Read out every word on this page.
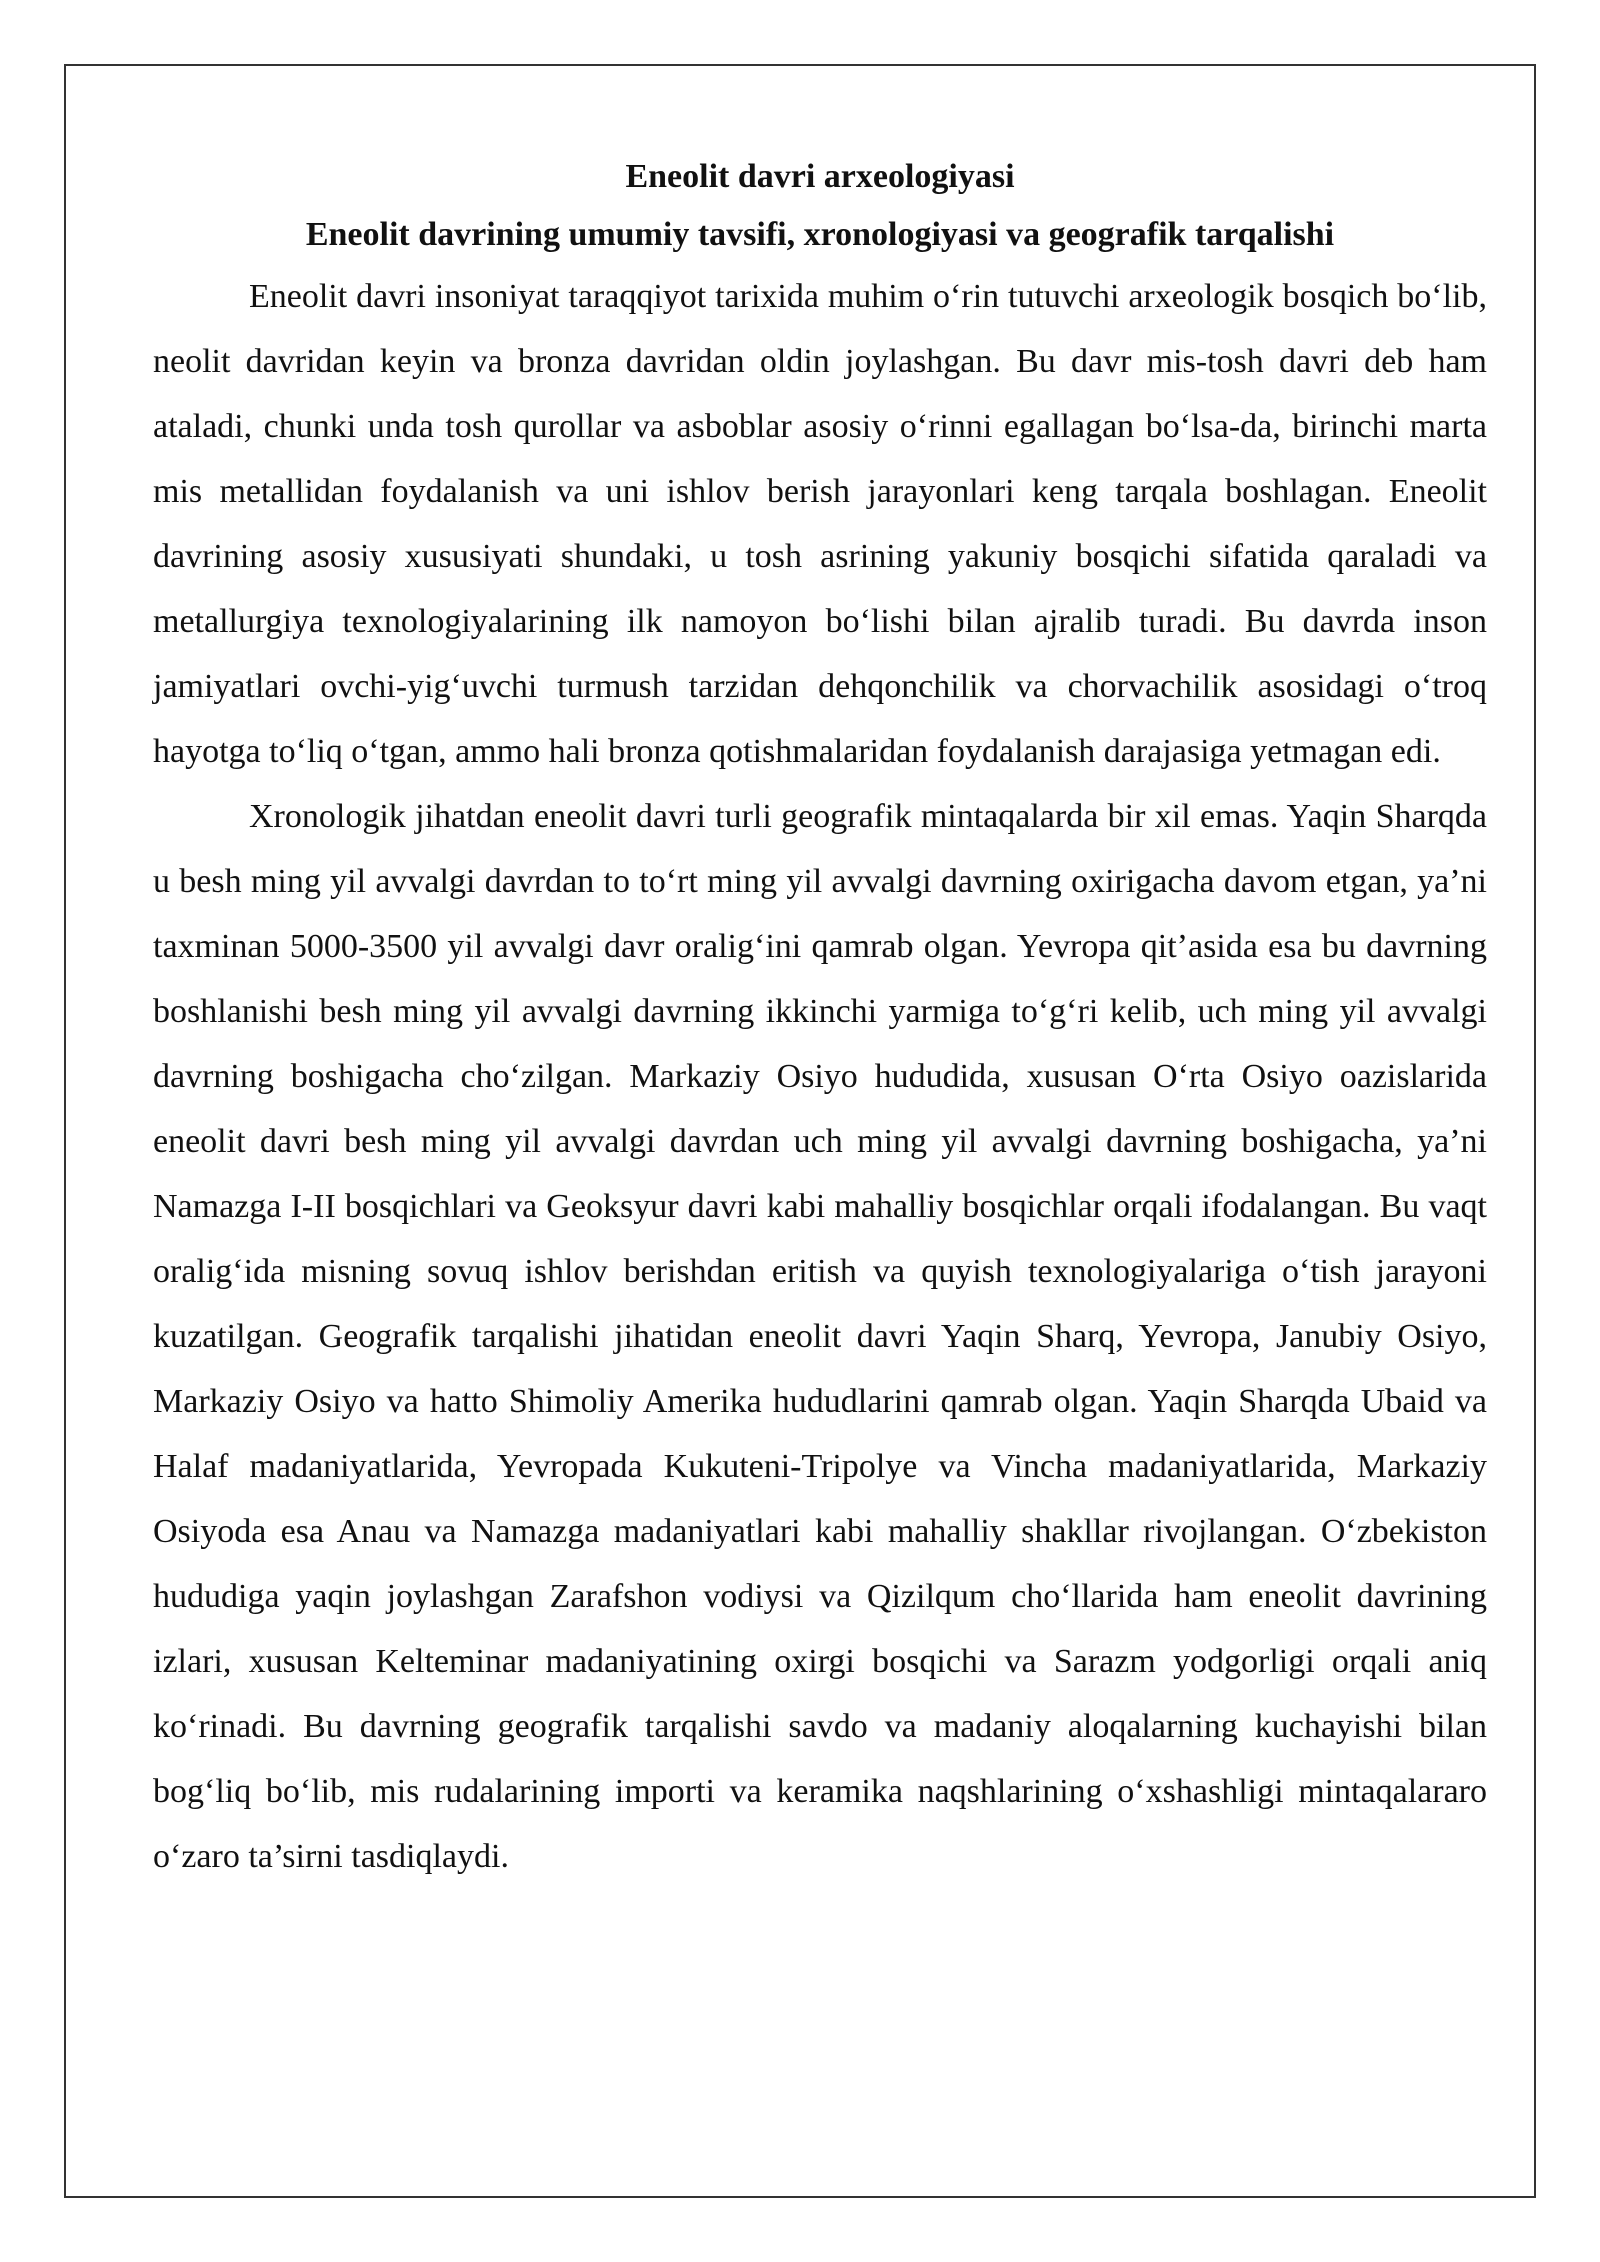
Eneolit davri arxeologiyasi
Eneolit davrining umumiy tavsifi, xronologiyasi va geografik tarqalishi

Eneolit davri insoniyat taraqqiyot tarixida muhim o‘rin tutuvchi arxeologik bosqich bo‘lib, neolit davridan keyin va bronza davridan oldin joylashgan. Bu davr mis-tosh davri deb ham ataladi, chunki unda tosh qurollar va asboblar asosiy o‘rinni egallagan bo‘lsa-da, birinchi marta mis metallidan foydalanish va uni ishlov berish jarayonlari keng tarqala boshlagan. Eneolit davrining asosiy xususiyati shundaki, u tosh asrining yakuniy bosqichi sifatida qaraladi va metallurgiya texnologiyalarining ilk namoyon bo‘lishi bilan ajralib turadi. Bu davrda inson jamiyatlari ovchi-yig‘uvchi turmush tarzidan dehqonchilik va chorvachilik asosidagi o‘troq hayotga to‘liq o‘tgan, ammo hali bronza qotishmalaridan foydalanish darajasiga yetmagan edi.

Xronologik jihatdan eneolit davri turli geografik mintaqalarda bir xil emas. Yaqin Sharqda u besh ming yil avvalgi davrdan to to‘rt ming yil avvalgi davrning oxirigacha davom etgan, ya’ni taxminan 5000-3500 yil avvalgi davr oralig‘ini qamrab olgan. Yevropa qit’asida esa bu davrning boshlanishi besh ming yil avvalgi davrning ikkinchi yarmiga to‘g‘ri kelib, uch ming yil avvalgi davrning boshigacha cho‘zilgan. Markaziy Osiyo hududida, xususan O‘rta Osiyo oazislarida eneolit davri besh ming yil avvalgi davrdan uch ming yil avvalgi davrning boshigacha, ya’ni Namazga I-II bosqichlari va Geoksyur davri kabi mahalliy bosqichlar orqali ifodalangan. Bu vaqt oralig‘ida misning sovuq ishlov berishdan eritish va quyish texnologiyalariga o‘tish jarayoni kuzatilgan. Geografik tarqalishi jihatidan eneolit davri Yaqin Sharq, Yevropa, Janubiy Osiyo, Markaziy Osiyo va hatto Shimoliy Amerika hududlarini qamrab olgan. Yaqin Sharqda Ubaid va Halaf madaniyatlarida, Yevropada Kukuteni-Tripolye va Vincha madaniyatlarida, Markaziy Osiyoda esa Anau va Namazga madaniyatlari kabi mahalliy shakllar rivojlangan. O‘zbekiston hududiga yaqin joylashgan Zarafshon vodiysi va Qizilqum cho‘llarida ham eneolit davrining izlari, xususan Kelteminar madaniyatining oxirgi bosqichi va Sarazm yodgorligi orqali aniq ko‘rinadi. Bu davrning geografik tarqalishi savdo va madaniy aloqalarning kuchayishi bilan bog‘liq bo‘lib, mis rudalarining importi va keramika naqshlarining o‘xshashligi mintaqalararo o‘zaro ta’sirni tasdiqlaydi.
